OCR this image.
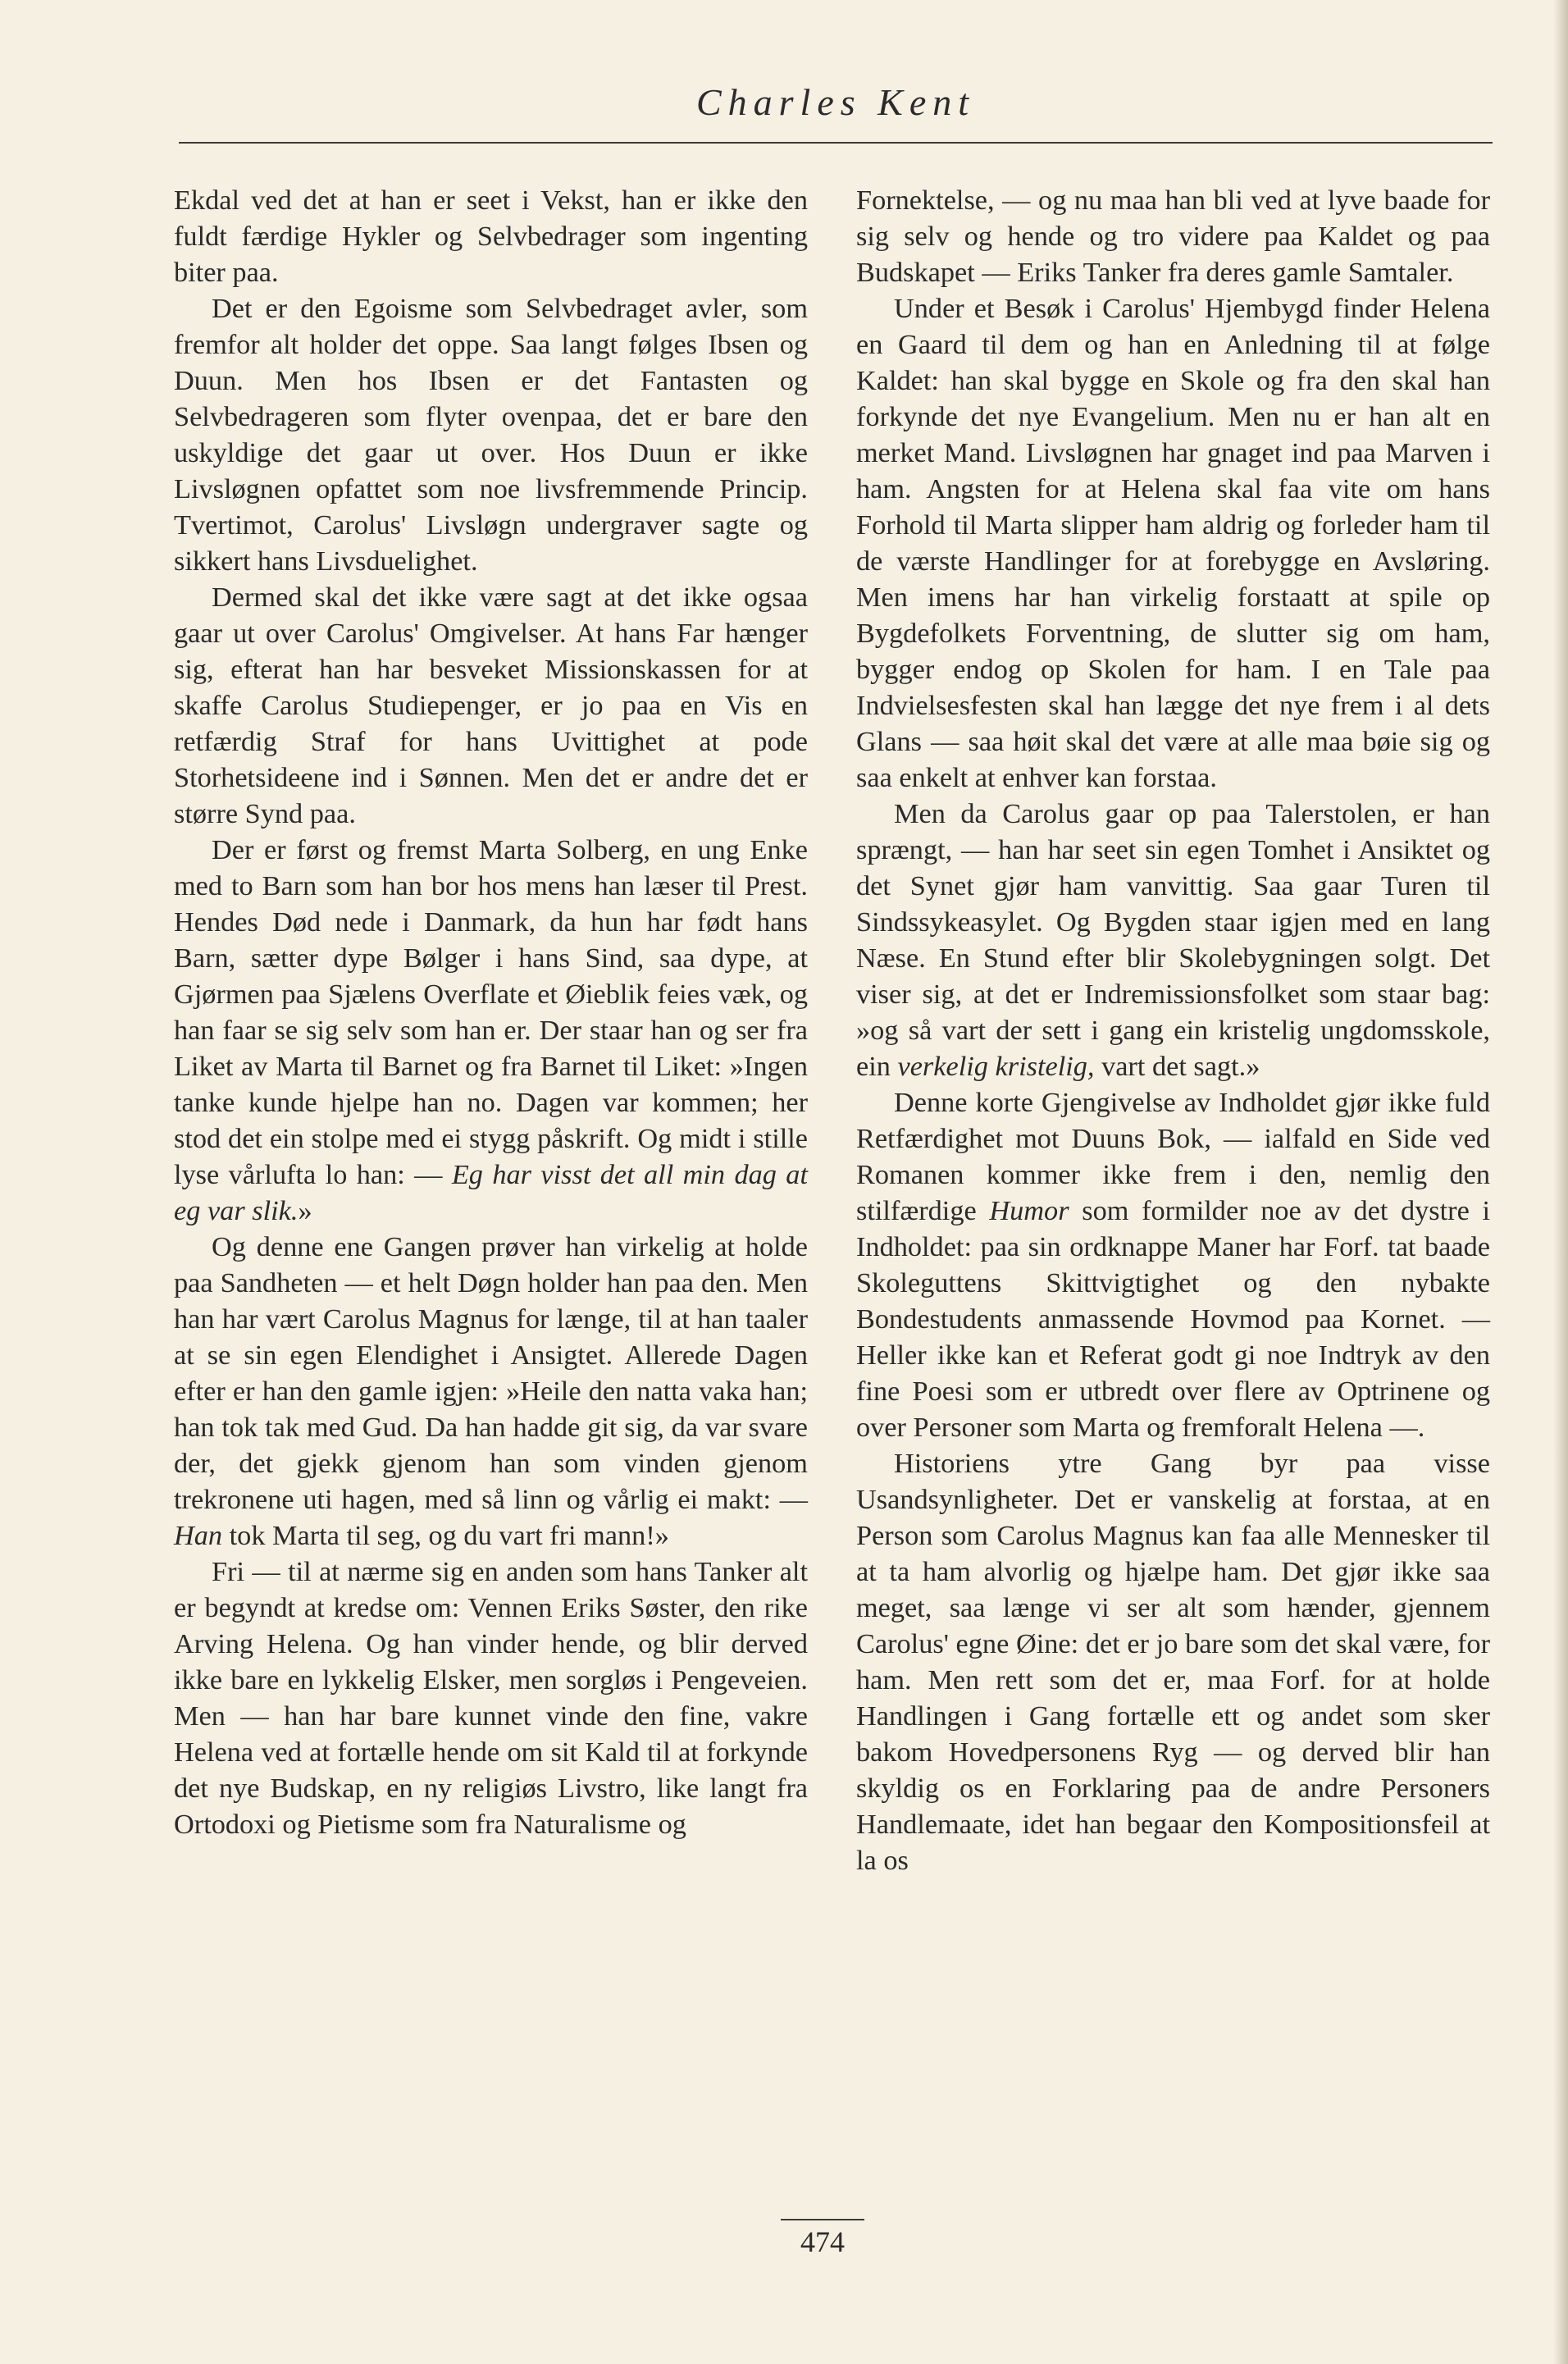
Charles Kent

Ekdal ved det at han er seet i Vekst, han er ikke den fuldt færdige Hykler og Selvbedrager som ingenting biter paa.

Det er den Egoisme som Selvbedraget avler, som fremfor alt holder det oppe. Saa langt følges Ibsen og Duun. Men hos Ibsen er det Fantasten og Selvbedrageren som flyter ovenpaa, det er bare den uskyldige det gaar ut over. Hos Duun er ikke Livsløgnen opfattet som noe livsfremmende Princip. Tvertimot, Carolus' Livsløgn undergraver sagte og sikkert hans Livsduelighet.

Dermed skal det ikke være sagt at det ikke ogsaa gaar ut over Carolus' Omgivelser. At hans Far hænger sig, efterat han har besveket Missionskassen for at skaffe Carolus Studiepenger, er jo paa en Vis en retfærdig Straf for hans Uvittighet at pode Storhetsideene ind i Sønnen. Men det er andre det er større Synd paa.

Der er først og fremst Marta Solberg, en ung Enke med to Barn som han bor hos mens han læser til Prest. Hendes Død nede i Danmark, da hun har født hans Barn, sætter dype Bølger i hans Sind, saa dype, at Gjørmen paa Sjælens Overflate et Øieblik feies væk, og han faar se sig selv som han er. Der staar han og ser fra Liket av Marta til Barnet og fra Barnet til Liket: »Ingen tanke kunde hjelpe han no. Dagen var kommen; her stod det ein stolpe med ei stygg påskrift. Og midt i stille lyse vårlufta lo han: — Eg har visst det all min dag at eg var slik.»

Og denne ene Gangen prøver han virkelig at holde paa Sandheten — et helt Døgn holder han paa den. Men han har vært Carolus Magnus for længe, til at han taaler at se sin egen Elendighet i Ansigtet. Allerede Dagen efter er han den gamle igjen: »Heile den natta vaka han; han tok tak med Gud. Da han hadde git sig, da var svare der, det gjekk gjenom han som vinden gjenom trekronene uti hagen, med så linn og vårlig ei makt: — Han tok Marta til seg, og du vart fri mann!»

Fri — til at nærme sig en anden som hans Tanker alt er begyndt at kredse om: Vennen Eriks Søster, den rike Arving Helena. Og han vinder hende, og blir derved ikke bare en lykkelig Elsker, men sorgløs i Pengeveien. Men — han har bare kunnet vinde den fine, vakre Helena ved at fortælle hende om sit Kald til at forkynde det nye Budskap, en ny religiøs Livstro, like langt fra Ortodoxi og Pietisme som fra Naturalisme og

Fornektelse, — og nu maa han bli ved at lyve baade for sig selv og hende og tro videre paa Kaldet og paa Budskapet — Eriks Tanker fra deres gamle Samtaler.

Under et Besøk i Carolus' Hjembygd finder Helena en Gaard til dem og han en Anledning til at følge Kaldet: han skal bygge en Skole og fra den skal han forkynde det nye Evangelium. Men nu er han alt en merket Mand. Livsløgnen har gnaget ind paa Marven i ham. Angsten for at Helena skal faa vite om hans Forhold til Marta slipper ham aldrig og forleder ham til de værste Handlinger for at forebygge en Avsløring. Men imens har han virkelig forstaatt at spile op Bygdefolkets Forventning, de slutter sig om ham, bygger endog op Skolen for ham. I en Tale paa Indvielsesfesten skal han lægge det nye frem i al dets Glans — saa høit skal det være at alle maa bøie sig og saa enkelt at enhver kan forstaa.

Men da Carolus gaar op paa Talerstolen, er han sprængt, — han har seet sin egen Tomhet i Ansiktet og det Synet gjør ham vanvittig. Saa gaar Turen til Sindssykeasylet. Og Bygden staar igjen med en lang Næse. En Stund efter blir Skolebygningen solgt. Det viser sig, at det er Indremissionsfolket som staar bag: »og så vart der sett i gang ein kristelig ungdomsskole, ein verkelig kristelig, vart det sagt.»

Denne korte Gjengivelse av Indholdet gjør ikke fuld Retfærdighet mot Duuns Bok, — ialfald en Side ved Romanen kommer ikke frem i den, nemlig den stilfærdige Humor som formilder noe av det dystre i Indholdet: paa sin ordknappe Maner har Forf. tat baade Skoleguttens Skittvigtighet og den nybakte Bondestudents anmassende Hovmod paa Kornet. — Heller ikke kan et Referat godt gi noe Indtryk av den fine Poesi som er utbredt over flere av Optrinene og over Personer som Marta og fremforalt Helena —.

Historiens ytre Gang byr paa visse Usandsynligheter. Det er vanskelig at forstaa, at en Person som Carolus Magnus kan faa alle Mennesker til at ta ham alvorlig og hjælpe ham. Det gjør ikke saa meget, saa længe vi ser alt som hænder, gjennem Carolus' egne Øine: det er jo bare som det skal være, for ham. Men rett som det er, maa Forf. for at holde Handlingen i Gang fortælle ett og andet som sker bakom Hovedpersonens Ryg — og derved blir han skyldig os en Forklaring paa de andre Personers Handlemaate, idet han begaar den Kompositionsfeil at la os

474
